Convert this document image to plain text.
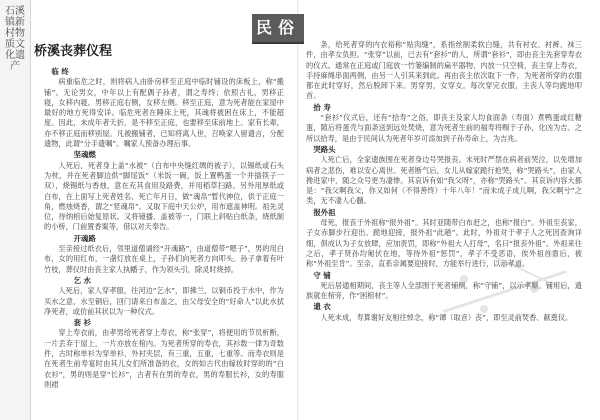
石溪镇新村物质文化遗产
民俗
桥溪丧葬仪程
临 终

病重临危之时，则将病人由卧房移至正庭中临时铺设的床板上，称“搬铺”。无论男女，中年以上有配偶子孙者，谓之寿终；依照古礼，男移正寝，女移内寝。男移正庭右侧，女移左侧。移至正庭，意为死者能在家屋中最好的地方死得安详。临危死者在睡床上死，其魂将被困在床上，不能超度。因此，未成年者夭折，是不移至正庭，也要移至床前地上。家有长辈，亦不移正庭而移别屋。凡被搬铺者，已知将离人世，召唤家人留遗言，分配遗物，此谓“分手遗嘱”。嘱家人预备办理后事。

坚魂燃

人死后，死者身上盖“水被”（白布中央缝红绸的被子），以锡纸或石头为枕，并在死者脚边供“脚尾饭”（米饭一碗，饭上置鸭蛋一个并插筷子一双），烧锡纸与香烛，意在充其食用及路费，并用稻草扫路。另外用厚纸或白布，在上面写上死者姓名、死亡年月日，做“魂帛”暂代神位，供于正庭一角，燃烛烧香，谓之“竖魂帛”。又取下庭中天公炉，用布遮盖神明。祖先灵位，待纳棺后始复原状。又将镜播、盖被等一，门联上斜贴白纸条，烧纸制的小桥，门前置香案等，借以对天奉告。

开魂路

至亲接过纸衣后，邻里道僧诵经“开魂路”，由道僧带“嗯子”，男的用白布，女的用红布，一盏灯放在桌上，子孙们向死者方向叩头。孙子拿着有叶竹枝，葬仪时由丧主家人执幡子，作为领头引，除灵时烧掉。

乞 水

人死后，家人穿孝服，往河边“乞水”，即拂兰，以铜币投于水中，作为买水之意，水至铜后，回门请来白布盖之，由父母安全的“好命人”以此水拭净死者，或仿前其状以为一种仪式。

套 衫

穿上寿衣前，由孝男给死者穿上寿衣，称“张穿”，将便用的节员析断，一片丢弃于屋上，一片亦放在棺内。为死者所穿的寿衣，其衫数一律为奇数件，古时称单衫为穿单衫，外衬夹层，有三重，五重，七重等。而寿衣则是在死者生前寿宴时由其儿女们所准备的衣，女的如古代由嫁妆时穿的的“白衣衫”，男的则是穿“长衫”，古者有在男的寿衣，男的寿服长衫，女的寿服则裙

条，给死者穿的内衣裕称“贴肉缝”，系指丝制柔软白缝，共有衬衣、衬裤、袜三件，由孝女负担。“张穿”以前，已去有“套衫”的人，所谓“套衫”，即由丧主先套穿寿衣的仪式。通常在正庭或门庭放一竹篓编制的扁平器物，内放一只空椅，丧主穿上寿衣，手持麻绳串面两侧，由另一人引其来到此。再由丧主依次取下一件，为死者所穿的衣服都在此时穿好，然后脱卸下来。男穿男，女穿女。每次穿完衣服，主丧人等均跪地叩首。

拾 寿

“套衫”仪式后，还有“拾寿”之俗，即丧主及家人均食面条（寿面）煮鸭蛋或红糖蛋，随后将蛋壳与面条送到远处焚烧，意为死者生前的福寿将赐于子孙，化凶为吉。之所以拾寿，是由于民间认为死者年岁可添加到子孙寿命上，为吉兆。

哭路头

人死亡后，全家遗族围在死者身边号哭报丧。未死时严禁在病者前哭泣，以免增加病者之悲伤，难以安心离世。死者断气后，女儿从嫁家跪行抢哭，称“哭路头”，由家人搀进家中，随之众号更为凄惨。其哀诉有如“我父呀”，亦称“哭路头”。其哀诉内容大都是：“我父啊我父，你又如何（不得善终）十年八年！”而未成子成儿啊，我父啊兮”之类，无不凄人心髓。

报外祖

母死，报丧于外祖称“报外祖”。其时亚随带白布赶之，也称“报白”。外祖至丧家，子女赤脚步行迎出、跪地迎接，报外祖“此趟”。此时，外祖对于孝子人之死因查询详细，俱成认为子女放肆，应加责罚，即称“外祖大人打母”，名曰“报丧外祖”。外祖来往之后，孝子贤孙均匍伏在地，等待外祖“惩罚”，孝子不受恶语，俟外祖首肯后，被称“外祖至肯”。至亲，直系亲属要迎接时，方能举行进行，以示孝道。

守 铺

死后居通相期间，丧主等人全部围于死者铺侧，称“守铺”，以示孝顺。铺用后，遗族就在棺旁，作“困棺材”。

遗 衣

人死未成，寿算谢好友相往悼念，称“谭（取音）丧”，即至灵前焚香、献奠仪。
